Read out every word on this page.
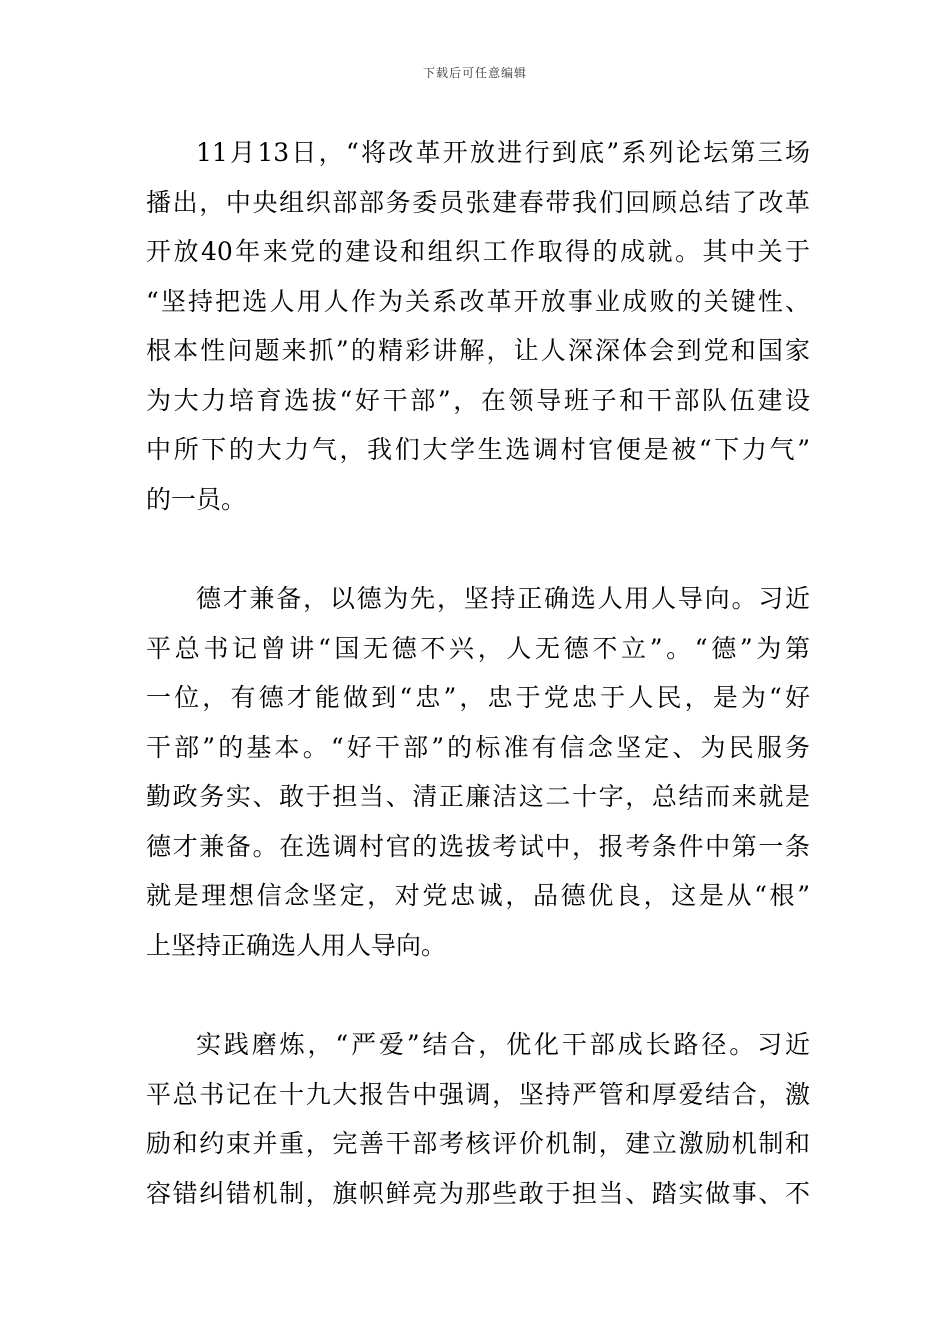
下载后可任意编辑
11月13日，“将改革开放进行到底”系列论坛第三场
播出，中央组织部部务委员张建春带我们回顾总结了改革
开放40年来党的建设和组织工作取得的成就。其中关于
“坚持把选人用人作为关系改革开放事业成败的关键性、
根本性问题来抓”的精彩讲解，让人深深体会到党和国家
为大力培育选拔“好干部”，在领导班子和干部队伍建设
中所下的大力气，我们大学生选调村官便是被“下力气”
的一员。
德才兼备，以德为先，坚持正确选人用人导向。习近
平总书记曾讲“国无德不兴，人无德不立”。“德”为第
一位，有德才能做到“忠”，忠于党忠于人民，是为“好
干部”的基本。“好干部”的标准有信念坚定、为民服务
勤政务实、敢于担当、清正廉洁这二十字，总结而来就是
德才兼备。在选调村官的选拔考试中，报考条件中第一条
就是理想信念坚定，对党忠诚，品德优良，这是从“根”
上坚持正确选人用人导向。
实践磨炼，“严爱”结合，优化干部成长路径。习近
平总书记在十九大报告中强调，坚持严管和厚爱结合，激
励和约束并重，完善干部考核评价机制，建立激励机制和
容错纠错机制，旗帜鲜亮为那些敢于担当、踏实做事、不
